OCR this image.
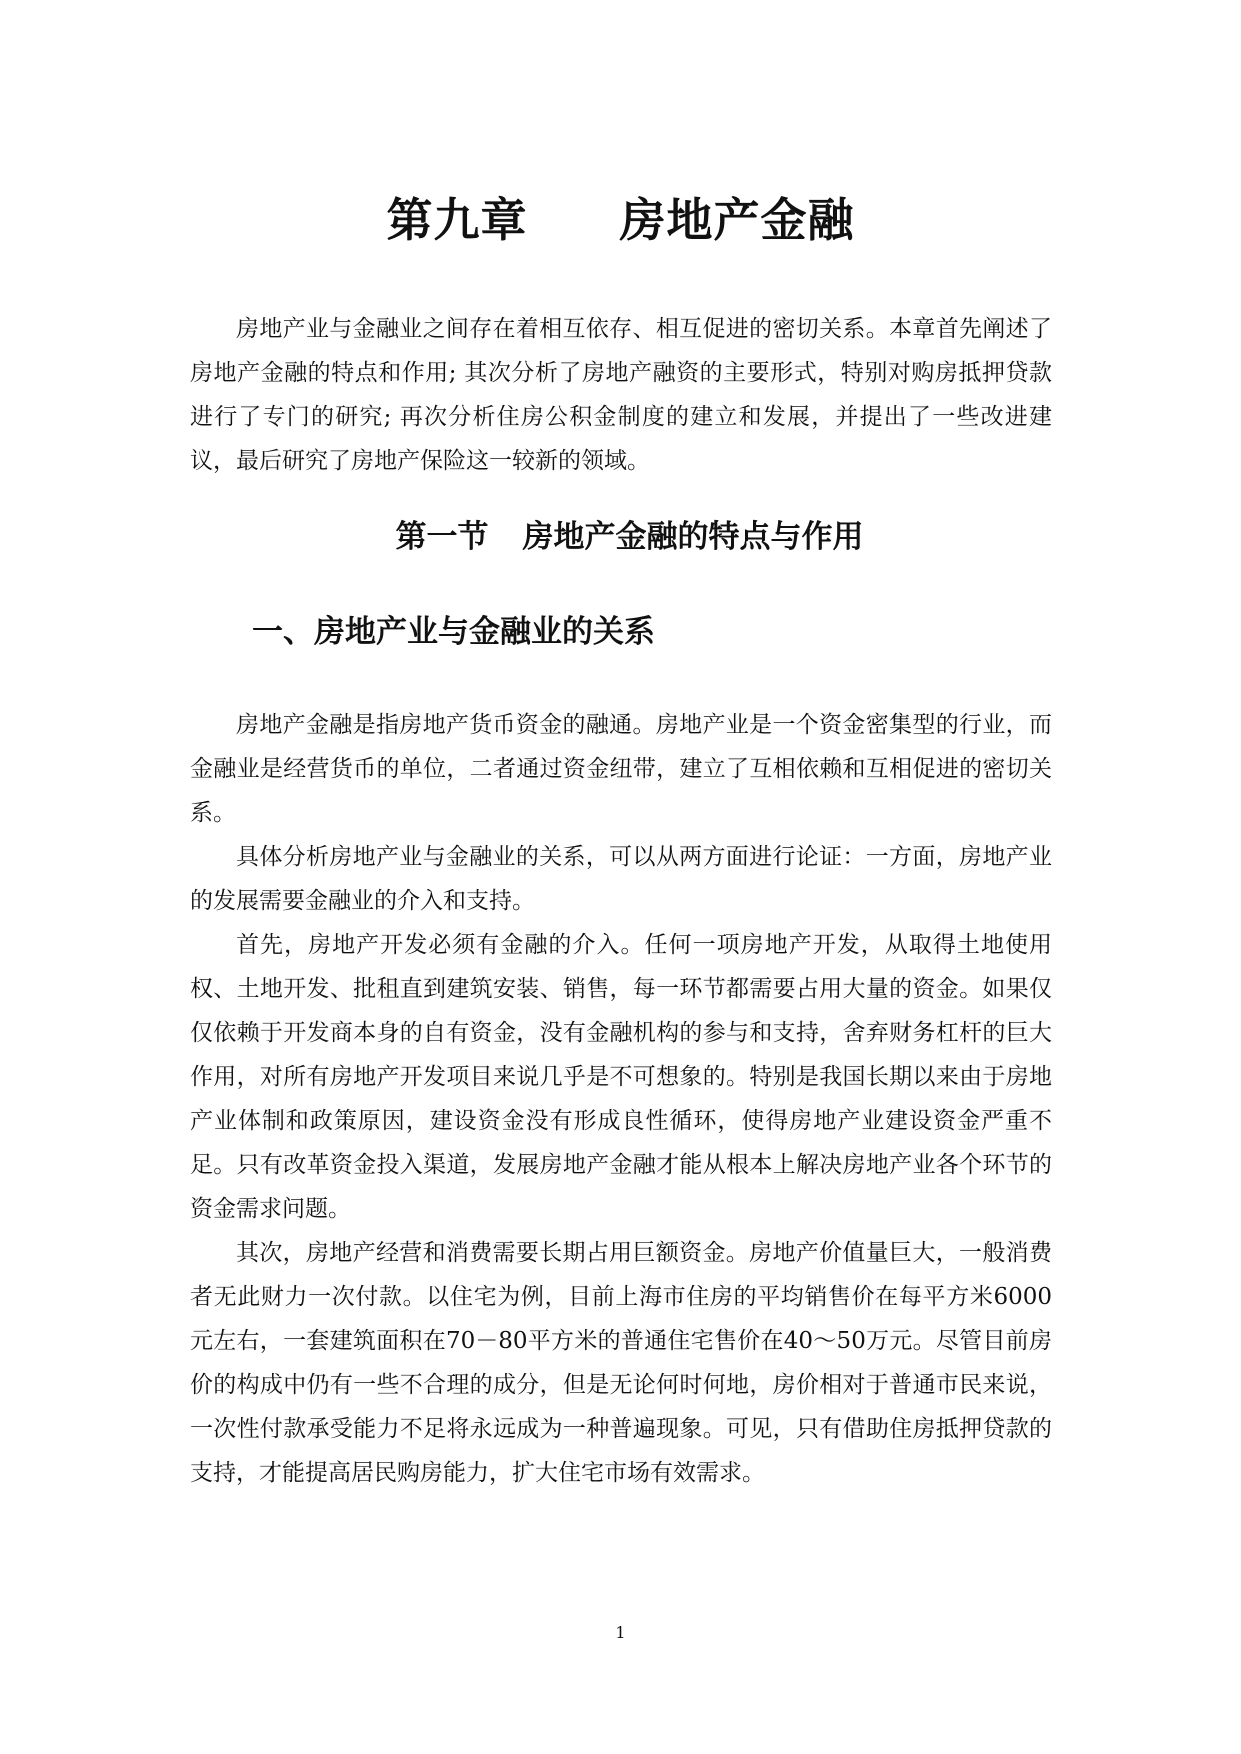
第九章 房地产金融

房地产业与金融业之间存在着相互依存、相互促进的密切关系。本章首先阐述了房地产金融的特点和作用; 其次分析了房地产融资的主要形式，特别对购房抵押贷款进行了专门的研究; 再次分析住房公积金制度的建立和发展，并提出了一些改进建议，最后研究了房地产保险这一较新的领域。

第一节 房地产金融的特点与作用
一、房地产业与金融业的关系

房地产金融是指房地产货币资金的融通。房地产业是一个资金密集型的行业，而金融业是经营货币的单位，二者通过资金纽带，建立了互相依赖和互相促进的密切关系。

具体分析房地产业与金融业的关系，可以从两方面进行论证：一方面，房地产业的发展需要金融业的介入和支持。

首先，房地产开发必须有金融的介入。任何一项房地产开发，从取得土地使用权、土地开发、批租直到建筑安装、销售，每一环节都需要占用大量的资金。如果仅仅依赖于开发商本身的自有资金，没有金融机构的参与和支持，舍弃财务杠杆的巨大作用，对所有房地产开发项目来说几乎是不可想象的。特别是我国长期以来由于房地产业体制和政策原因，建设资金没有形成良性循环，使得房地产业建设资金严重不足。只有改革资金投入渠道，发展房地产金融才能从根本上解决房地产业各个环节的资金需求问题。

其次，房地产经营和消费需要长期占用巨额资金。房地产价值量巨大，一般消费者无此财力一次付款。以住宅为例，目前上海市住房的平均销售价在每平方米6000元左右，一套建筑面积在70－80平方米的普通住宅售价在40～50万元。尽管目前房价的构成中仍有一些不合理的成分，但是无论何时何地，房价相对于普通市民来说，一次性付款承受能力不足将永远成为一种普遍现象。可见，只有借助住房抵押贷款的支持，才能提高居民购房能力，扩大住宅市场有效需求。

1
